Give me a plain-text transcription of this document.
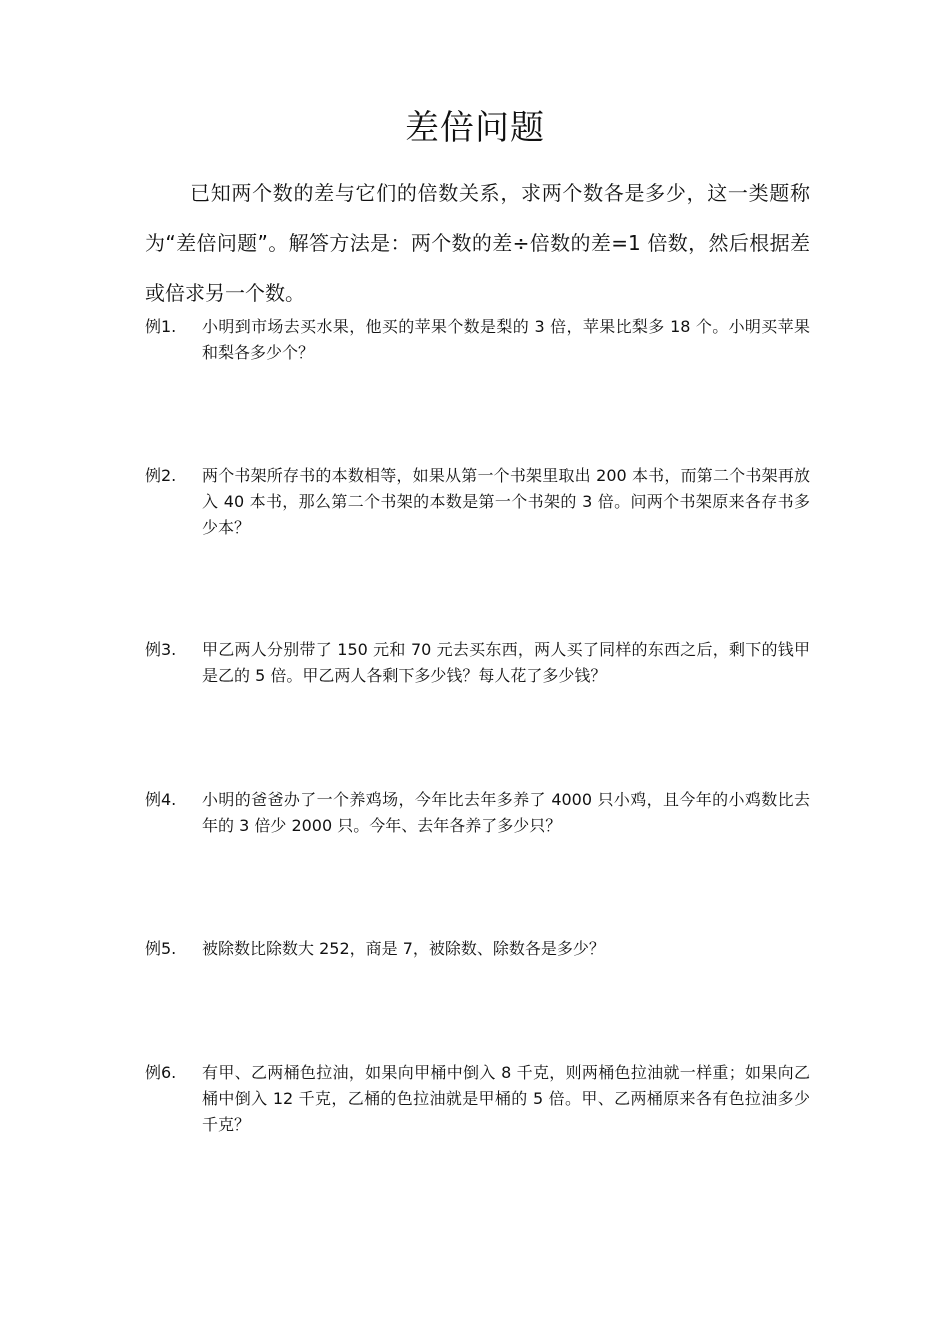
差倍问题

已知两个数的差与它们的倍数关系，求两个数各是多少，这一类题称为“差倍问题”。解答方法是：两个数的差÷倍数的差=1 倍数，然后根据差或倍求另一个数。

例1.	小明到市场去买水果，他买的苹果个数是梨的 3 倍，苹果比梨多 18 个。小明买苹果和梨各多少个？
例2.	两个书架所存书的本数相等，如果从第一个书架里取出 200 本书，而第二个书架再放入 40 本书，那么第二个书架的本数是第一个书架的 3 倍。问两个书架原来各存书多少本？
例3.	甲乙两人分别带了 150 元和 70 元去买东西，两人买了同样的东西之后，剩下的钱甲是乙的 5 倍。甲乙两人各剩下多少钱？每人花了多少钱？
例4.	小明的爸爸办了一个养鸡场，今年比去年多养了 4000 只小鸡，且今年的小鸡数比去年的 3 倍少 2000 只。今年、去年各养了多少只？
例5.	被除数比除数大 252，商是 7，被除数、除数各是多少？
例6.	有甲、乙两桶色拉油，如果向甲桶中倒入 8 千克，则两桶色拉油就一样重；如果向乙桶中倒入 12 千克，乙桶的色拉油就是甲桶的 5 倍。甲、乙两桶原来各有色拉油多少千克？
